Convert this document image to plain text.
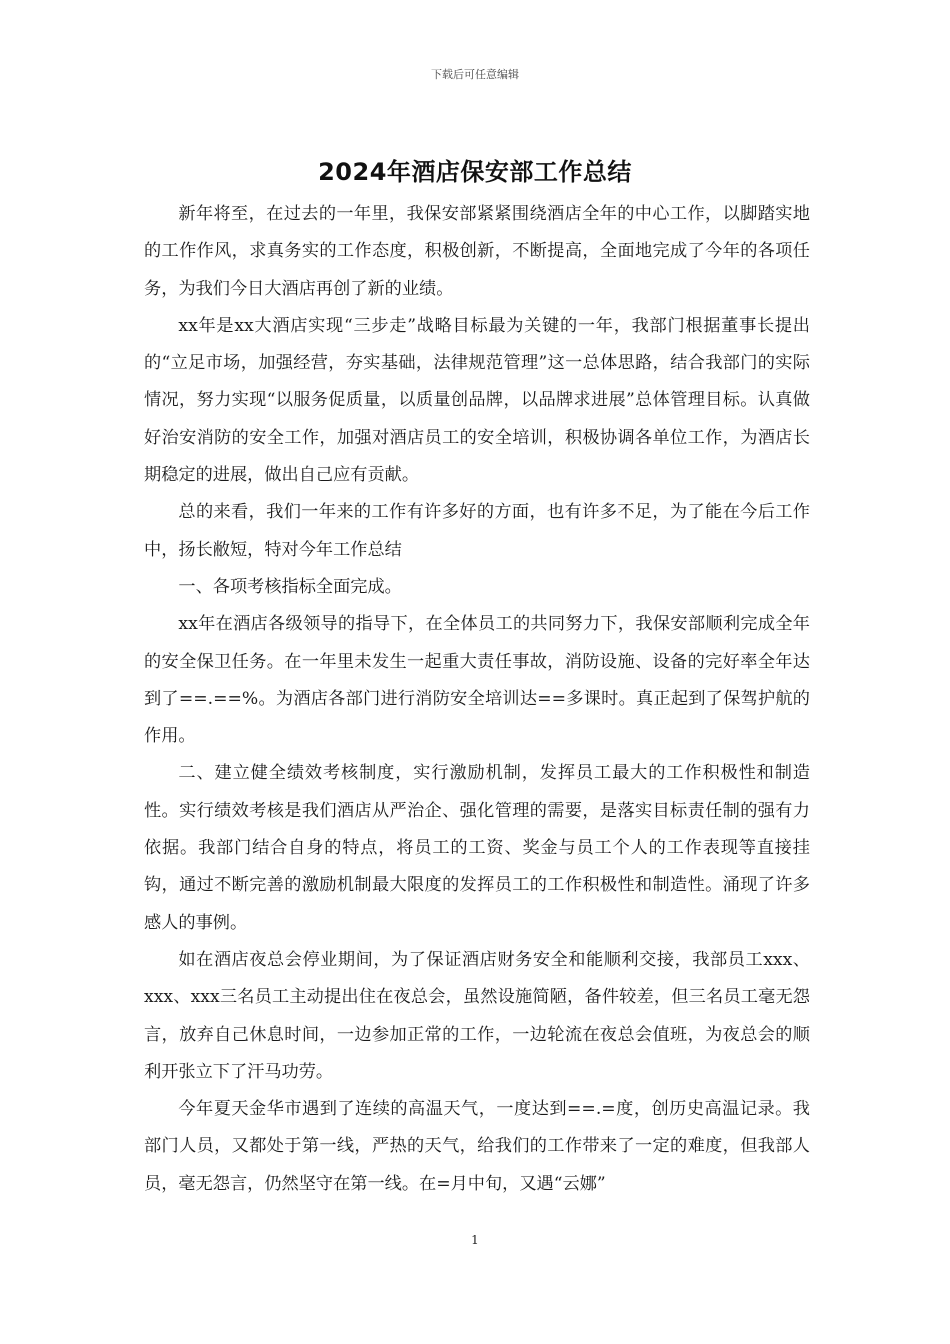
下载后可任意编辑
2024年酒店保安部工作总结

新年将至，在过去的一年里，我保安部紧紧围绕酒店全年的中心工作，以脚踏实地的工作作风，求真务实的工作态度，积极创新，不断提高，全面地完成了今年的各项任务，为我们今日大酒店再创了新的业绩。

xx年是xx大酒店实现“三步走”战略目标最为关键的一年，我部门根据董事长提出的“立足市场，加强经营，夯实基础，法律规范管理”这一总体思路，结合我部门的实际情况，努力实现“以服务促质量，以质量创品牌，以品牌求进展”总体管理目标。认真做好治安消防的安全工作，加强对酒店员工的安全培训，积极协调各单位工作，为酒店长期稳定的进展，做出自己应有贡献。

总的来看，我们一年来的工作有许多好的方面，也有许多不足，为了能在今后工作中，扬长敝短，特对今年工作总结

一、各项考核指标全面完成。

xx年在酒店各级领导的指导下，在全体员工的共同努力下，我保安部顺利完成全年的安全保卫任务。在一年里未发生一起重大责任事故，消防设施、设备的完好率全年达到了==.==%。为酒店各部门进行消防安全培训达==多课时。真正起到了保驾护航的作用。

二、建立健全绩效考核制度，实行激励机制，发挥员工最大的工作积极性和制造性。实行绩效考核是我们酒店从严治企、强化管理的需要，是落实目标责任制的强有力依据。我部门结合自身的特点，将员工的工资、奖金与员工个人的工作表现等直接挂钩，通过不断完善的激励机制最大限度的发挥员工的工作积极性和制造性。涌现了许多感人的事例。

如在酒店夜总会停业期间，为了保证酒店财务安全和能顺利交接，我部员工xxx、xxx、xxx三名员工主动提出住在夜总会，虽然设施简陋，备件较差，但三名员工毫无怨言，放弃自己休息时间，一边参加正常的工作，一边轮流在夜总会值班，为夜总会的顺利开张立下了汗马功劳。

今年夏天金华市遇到了连续的高温天气，一度达到==.=度，创历史高温记录。我部门人员，又都处于第一线，严热的天气，给我们的工作带来了一定的难度，但我部人员，毫无怨言，仍然坚守在第一线。在=月中旬，又遇“云娜”

1
